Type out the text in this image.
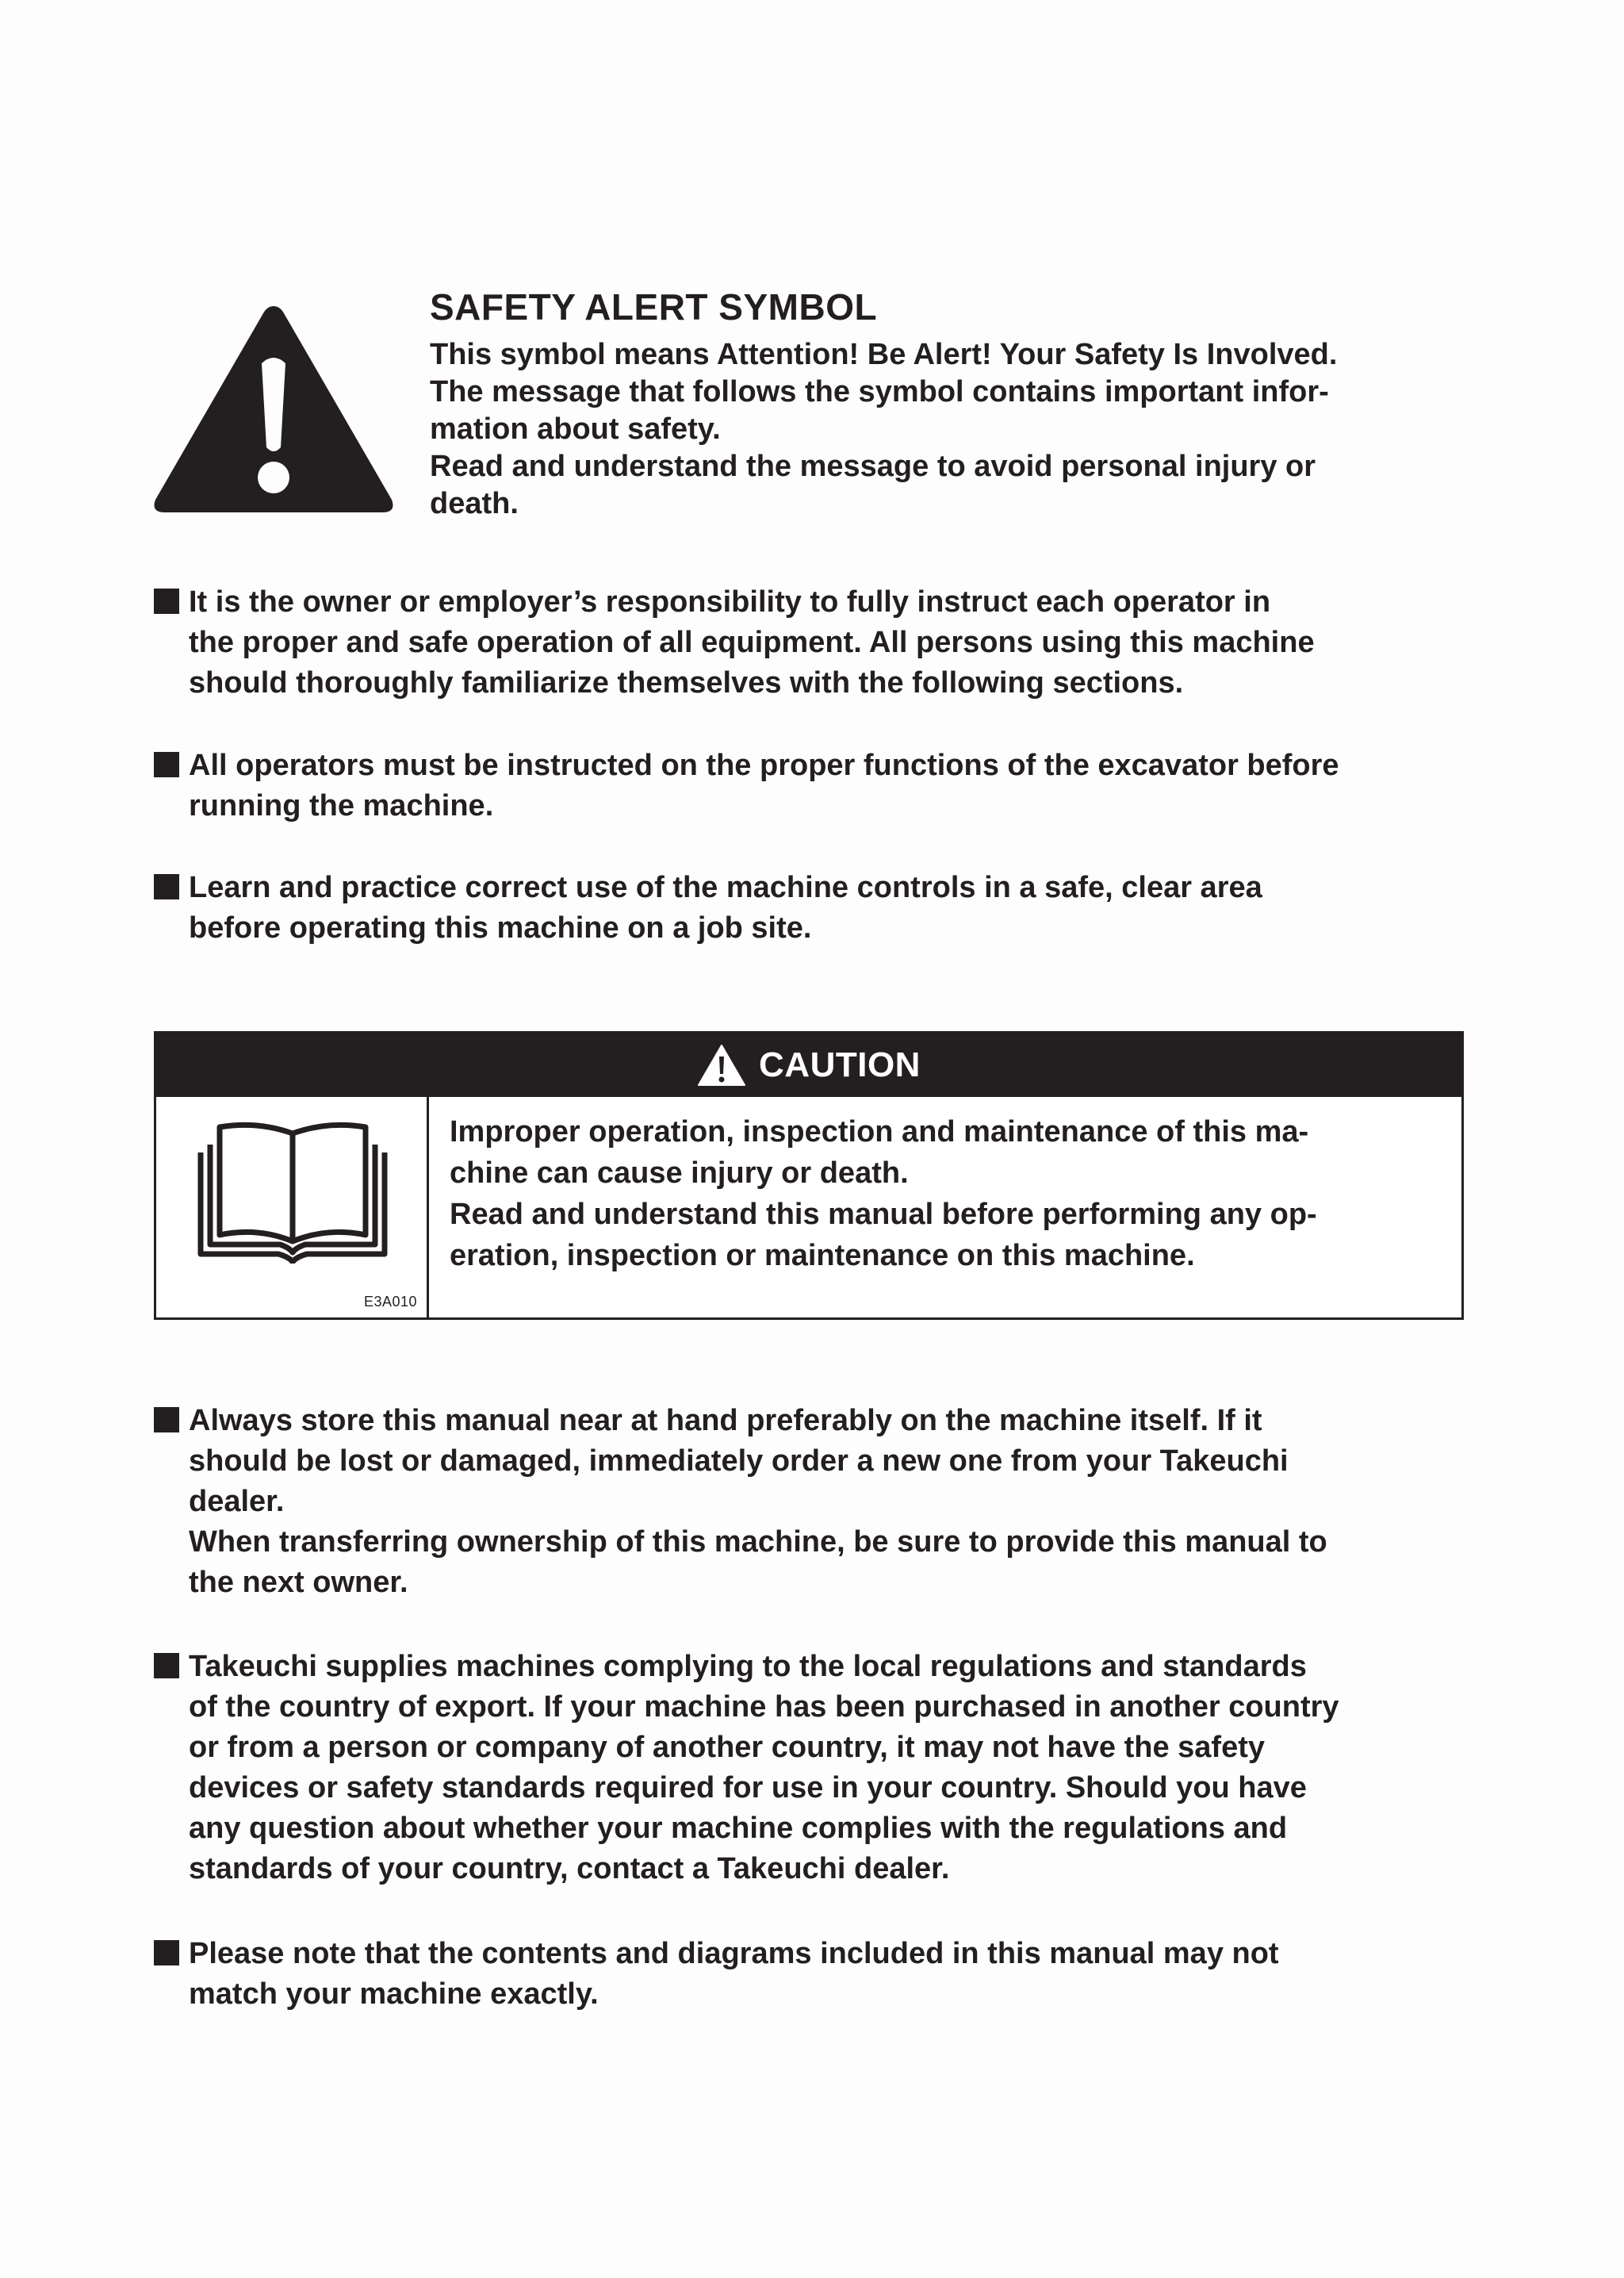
SAFETY ALERT SYMBOL

This symbol means Attention! Be Alert! Your Safety Is Involved.

The message that follows the symbol contains important infor-

mation about safety.

Read and understand the message to avoid personal injury or

death.

It is the owner or employer’s responsibility to fully instruct each operator in

the proper and safe operation of all equipment. All persons using this machine

should thoroughly familiarize themselves with the following sections.

All operators must be instructed on the proper functions of the excavator before

running the machine.

Learn and practice correct use of the machine controls in a safe, clear area

before operating this machine on a job site.

CAUTION
E3A010

Improper operation, inspection and maintenance of this ma-

chine can cause injury or death.

Read and understand this manual before performing any op-

eration, inspection or maintenance on this machine.

Always store this manual near at hand preferably on the machine itself. If it

should be lost or damaged, immediately order a new one from your Takeuchi

dealer.

When transferring ownership of this machine, be sure to provide this manual to

the next owner.

Takeuchi supplies machines complying to the local regulations and standards

of the country of export. If your machine has been purchased in another country

or from a person or company of another country, it may not have the safety

devices or safety standards required for use in your country. Should you have

any question about whether your machine complies with the regulations and

standards of your country, contact a Takeuchi dealer.

Please note that the contents and diagrams included in this manual may not

match your machine exactly.
